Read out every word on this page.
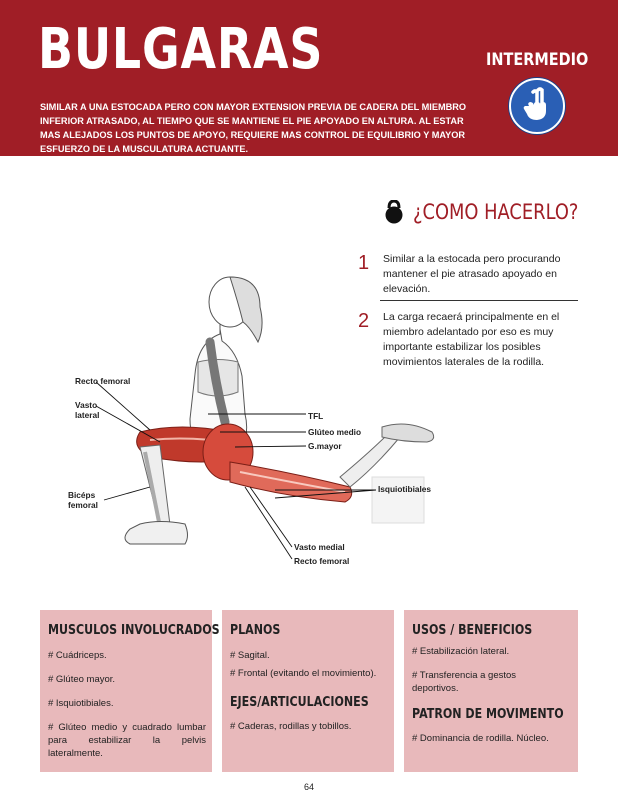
BULGARAS
SIMILAR A UNA ESTOCADA PERO CON MAYOR EXTENSION PREVIA DE CADERA DEL MIEMBRO INFERIOR ATRASADO, AL TIEMPO QUE SE MANTIENE EL PIE APOYADO EN ALTURA. AL ESTAR MAS ALEJADOS LOS PUNTOS DE APOYO, REQUIERE MAS CONTROL DE EQUILIBRIO Y MAYOR ESFUERZO DE LA MUSCULATURA ACTUANTE.
INTERMEDIO
¿COMO HACERLO?
1 Similar a la estocada pero procurando mantener el pie atrasado apoyado en elevación.
2 La carga recaerá principalmente en el miembro adelantado por eso es muy importante estabilizar los posibles movimientos laterales de la rodilla.
Recto femoral
Vasto lateral
Bicéps femoral
TFL
Glúteo medio
G.mayor
Isquiotibiales
Vasto medial
Recto femoral

MUSCULOS INVOLUCRADOS

# Cuádriceps.

# Glúteo mayor.

# Isquiotibiales.

# Glúteo medio y cuadrado lumbar para estabilizar la pelvis lateralmente.

PLANOS

# Sagital.

# Frontal (evitando el movimiento).

EJES/ARTICULACIONES

# Caderas, rodillas y tobillos.

USOS / BENEFICIOS

# Estabilización lateral.

# Transferencia a gestos deportivos.

PATRON DE MOVIMENTO

# Dominancia de rodilla. Núcleo.

64
